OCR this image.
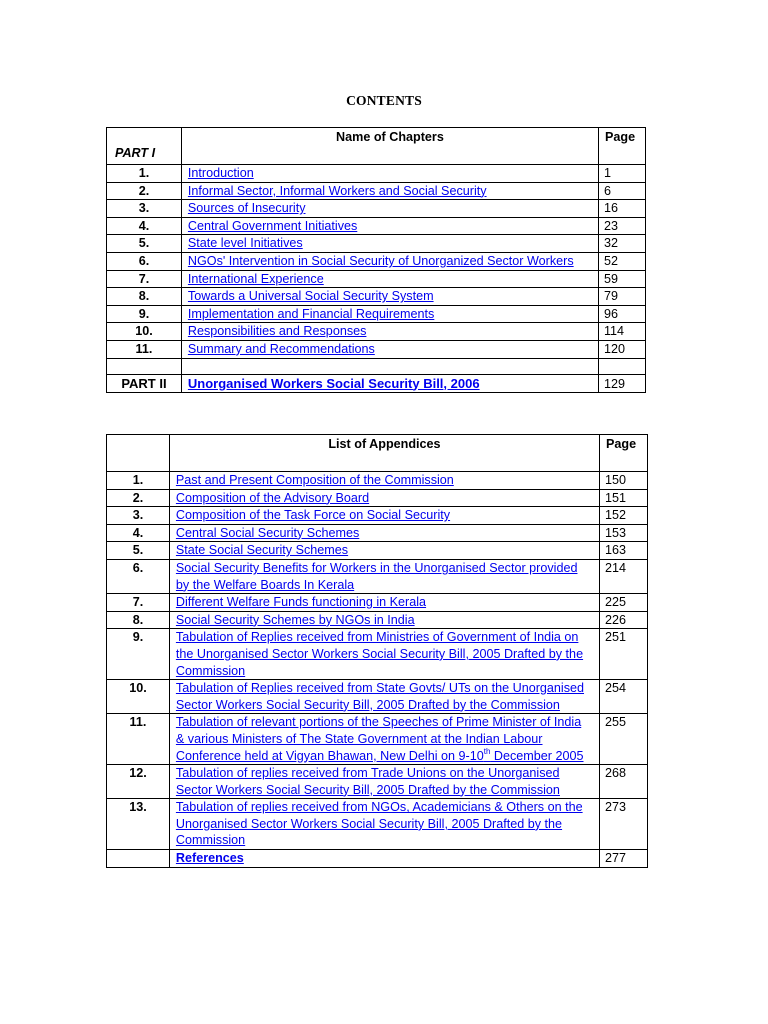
CONTENTS
PART I	Name of Chapters	Page
1.	Introduction	1
2.	Informal Sector, Informal Workers and Social Security	6
3.	Sources of Insecurity	16
4.	Central Government Initiatives	23
5.	State level Initiatives	32
6.	NGOs' Intervention in Social Security of Unorganized Sector Workers	52
7.	International Experience	59
8.	Towards a Universal Social Security System	79
9.	Implementation and Financial Requirements	96
10.	Responsibilities and Responses	114
11.	Summary and Recommendations	120

PART II	Unorganised Workers Social Security Bill, 2006	129
	List of Appendices	Page
1.	Past and Present Composition of the Commission	150
2.	Composition of the Advisory Board	151
3.	Composition of the Task Force on Social Security	152
4.	Central Social Security Schemes	153
5.	State Social Security Schemes	163
6.	Social Security Benefits for Workers in the Unorganised Sector provided by the Welfare Boards In Kerala	214
7.	Different Welfare Funds functioning in Kerala	225
8.	Social Security Schemes by NGOs in India	226
9.	Tabulation of Replies received from Ministries of Government of India on the Unorganised Sector Workers Social Security Bill, 2005 Drafted by the Commission	251
10.	Tabulation of Replies received from State Govts/ UTs on the Unorganised Sector Workers Social Security Bill, 2005 Drafted by the Commission	254
11.	Tabulation of relevant portions of the Speeches of Prime Minister of India & various Ministers of The State Government at the Indian Labour Conference held at Vigyan Bhawan, New Delhi on 9-10th December 2005	255
12.	Tabulation of replies received from Trade Unions on the Unorganised Sector Workers Social Security Bill, 2005 Drafted by the Commission	268
13.	Tabulation of replies received from NGOs, Academicians & Others on the Unorganised Sector Workers Social Security Bill, 2005 Drafted by the Commission	273
	References	277
